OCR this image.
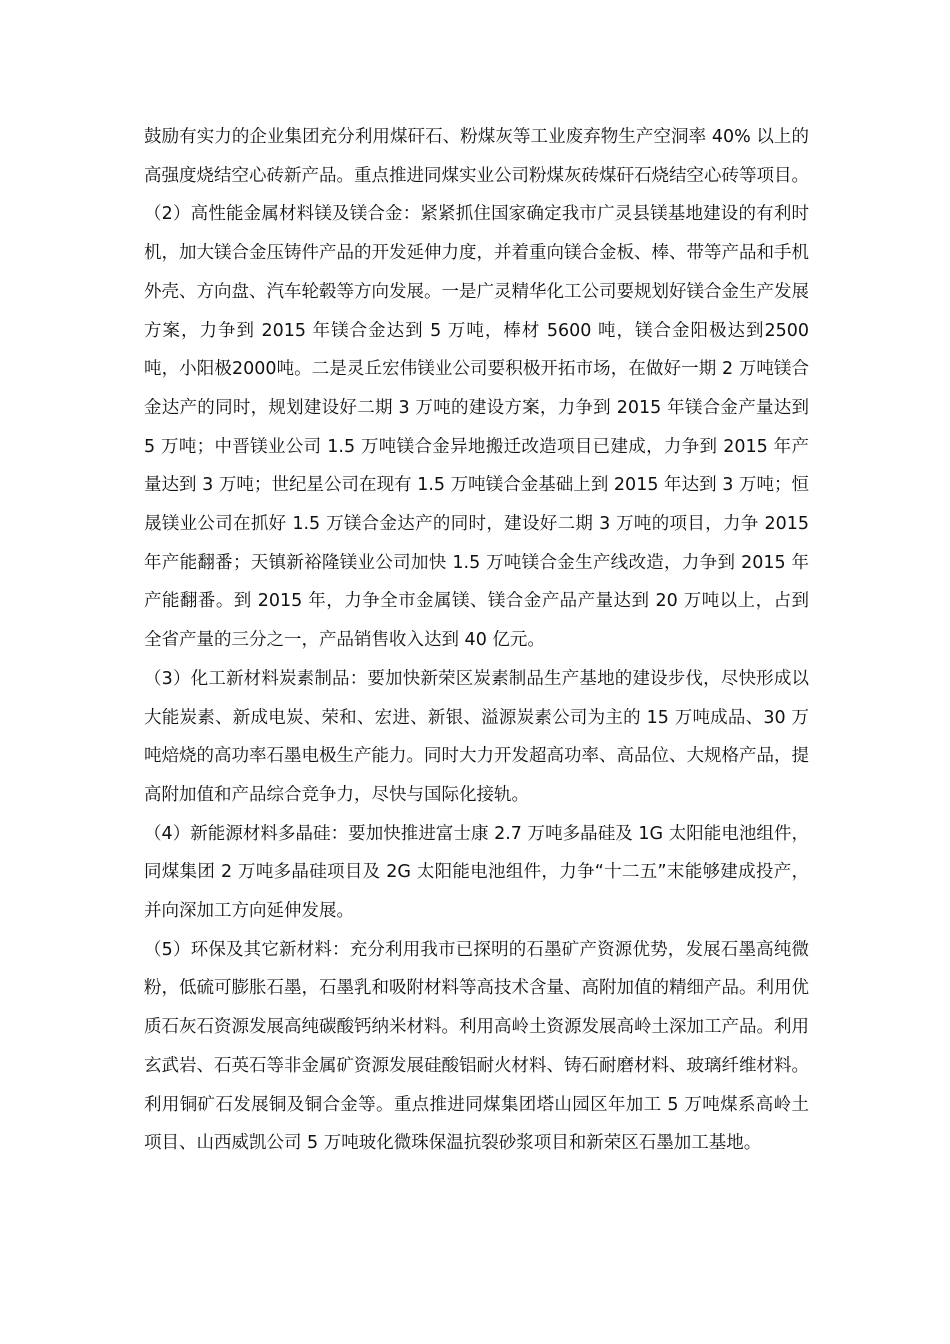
鼓励有实力的企业集团充分利用煤矸石、粉煤灰等工业废弃物生产空洞率 40% 以上的高强度烧结空心砖新产品。重点推进同煤实业公司粉煤灰砖煤矸石烧结空心砖等项目。

（2）高性能金属材料镁及镁合金：紧紧抓住国家确定我市广灵县镁基地建设的有利时机，加大镁合金压铸件产品的开发延伸力度，并着重向镁合金板、棒、带等产品和手机外壳、方向盘、汽车轮毂等方向发展。一是广灵精华化工公司要规划好镁合金生产发展方案，力争到 2015 年镁合金达到 5 万吨，棒材 5600 吨，镁合金阳极达到2500吨，小阳极2000吨。二是灵丘宏伟镁业公司要积极开拓市场，在做好一期 2 万吨镁合金达产的同时，规划建设好二期 3 万吨的建设方案，力争到 2015 年镁合金产量达到 5 万吨；中晋镁业公司 1.5 万吨镁合金异地搬迁改造项目已建成，力争到 2015 年产量达到 3 万吨；世纪星公司在现有 1.5 万吨镁合金基础上到 2015 年达到 3 万吨；恒晟镁业公司在抓好 1.5 万镁合金达产的同时，建设好二期 3 万吨的项目，力争 2015 年产能翻番；天镇新裕隆镁业公司加快 1.5 万吨镁合金生产线改造，力争到 2015 年产能翻番。到 2015 年，力争全市金属镁、镁合金产品产量达到 20 万吨以上，占到全省产量的三分之一，产品销售收入达到 40 亿元。

（3）化工新材料炭素制品：要加快新荣区炭素制品生产基地的建设步伐，尽快形成以大能炭素、新成电炭、荣和、宏进、新银、溢源炭素公司为主的 15 万吨成品、30 万吨焙烧的高功率石墨电极生产能力。同时大力开发超高功率、高品位、大规格产品，提高附加值和产品综合竞争力，尽快与国际化接轨。

（4）新能源材料多晶硅：要加快推进富士康 2.7 万吨多晶硅及 1G 太阳能电池组件，同煤集团 2 万吨多晶硅项目及 2G 太阳能电池组件，力争“十二五”末能够建成投产，并向深加工方向延伸发展。

（5）环保及其它新材料：充分利用我市已探明的石墨矿产资源优势，发展石墨高纯微粉，低硫可膨胀石墨，石墨乳和吸附材料等高技术含量、高附加值的精细产品。利用优质石灰石资源发展高纯碳酸钙纳米材料。利用高岭土资源发展高岭土深加工产品。利用玄武岩、石英石等非金属矿资源发展硅酸铝耐火材料、铸石耐磨材料、玻璃纤维材料。利用铜矿石发展铜及铜合金等。重点推进同煤集团塔山园区年加工 5 万吨煤系高岭土项目、山西威凯公司 5 万吨玻化微珠保温抗裂砂浆项目和新荣区石墨加工基地。
